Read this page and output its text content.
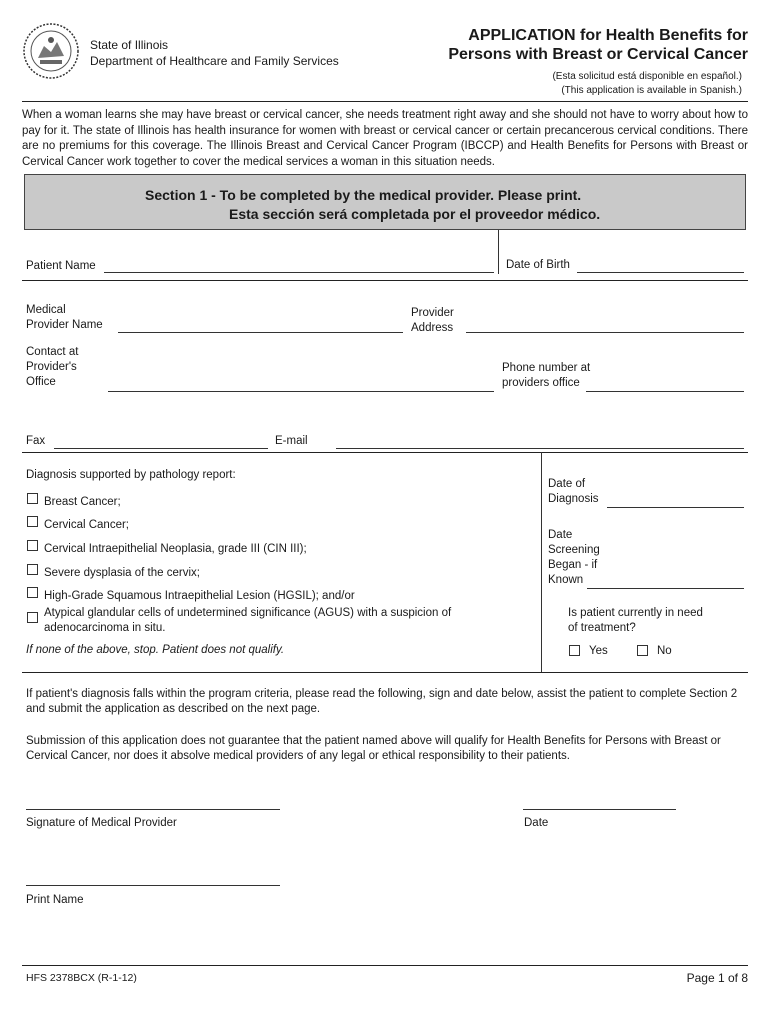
State of Illinois
Department of Healthcare and Family Services
APPLICATION for Health Benefits for
Persons with Breast or Cervical Cancer
(Esta solicitud está disponible en español.)
(This application is available in Spanish.)
When a woman learns she may have breast or cervical cancer, she needs treatment right away and she should not have to worry about how to pay for it. The state of Illinois has health insurance for women with breast or cervical cancer or certain precancerous cervical conditions. There are no premiums for this coverage. The Illinois Breast and Cervical Cancer Program (IBCCP) and Health Benefits for Persons with Breast or Cervical Cancer work together to cover the medical services a woman in this situation needs.
Section 1 - To be completed by the medical provider. Please print.
Esta sección será completada por el proveedor médico.
Patient Name	Date of Birth
Medical
Provider Name
Provider
Address
Contact at
Provider's
Office
Phone number at
providers office
Fax	E-mail
Diagnosis supported by pathology report:
Breast Cancer;
Cervical Cancer;
Cervical Intraepithelial Neoplasia, grade III (CIN III);
Severe dysplasia of the cervix;
High-Grade Squamous Intraepithelial Lesion (HGSIL); and/or
Atypical glandular cells of undetermined significance (AGUS) with a suspicion of
adenocarcinoma in situ.
If none of the above, stop. Patient does not qualify.
Date of
Diagnosis
Date
Screening
Began - if
Known
Is patient currently in need
of treatment?
Yes	No
If patient's diagnosis falls within the program criteria, please read the following, sign and date below, assist the patient to complete Section 2 and submit the application as described on the next page.
Submission of this application does not guarantee that the patient named above will qualify for Health Benefits for Persons with Breast or Cervical Cancer, nor does it absolve medical providers of any legal or ethical responsibility to their patients.
Signature of Medical Provider	Date
Print Name
HFS 2378BCX (R-1-12)	Page 1 of 8
